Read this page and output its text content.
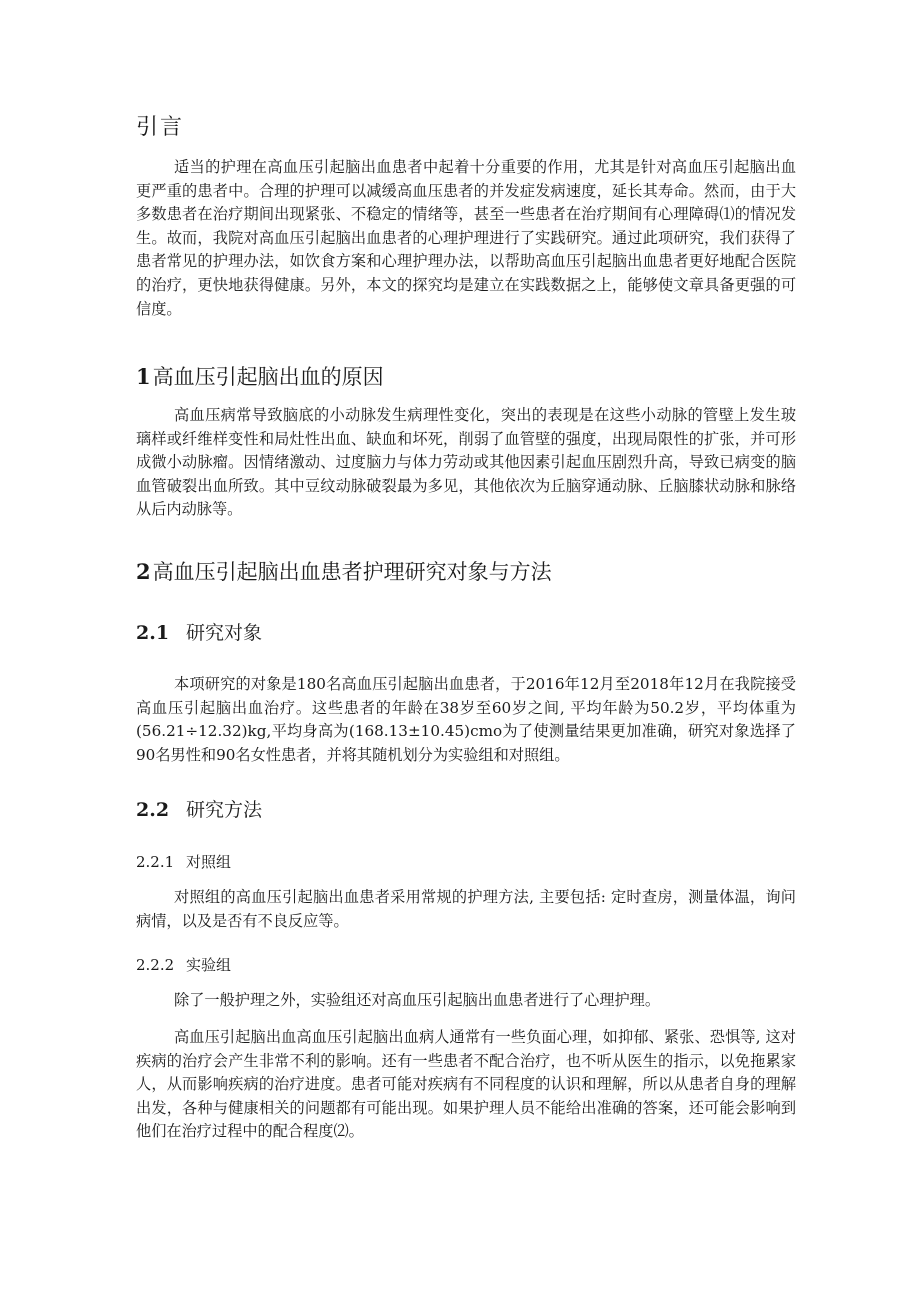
引言

适当的护理在高血压引起脑出血患者中起着十分重要的作用，尤其是针对高血压引起脑出血更严重的患者中。合理的护理可以减缓高血压患者的并发症发病速度，延长其寿命。然而，由于大多数患者在治疗期间出现紧张、不稳定的情绪等，甚至一些患者在治疗期间有心理障碍⑴的情况发生。故而，我院对高血压引起脑出血患者的心理护理进行了实践研究。通过此项研究，我们获得了患者常见的护理办法，如饮食方案和心理护理办法，以帮助高血压引起脑出血患者更好地配合医院的治疗，更快地获得健康。另外，本文的探究均是建立在实践数据之上，能够使文章具备更强的可信度。

1高血压引起脑出血的原因

高血压病常导致脑底的小动脉发生病理性变化，突出的表现是在这些小动脉的管壁上发生玻璃样或纤维样变性和局灶性出血、缺血和坏死，削弱了血管壁的强度，出现局限性的扩张，并可形成微小动脉瘤。因情绪激动、过度脑力与体力劳动或其他因素引起血压剧烈升高，导致已病变的脑血管破裂出血所致。其中豆纹动脉破裂最为多见，其他依次为丘脑穿通动脉、丘脑膝状动脉和脉络从后内动脉等。

2高血压引起脑出血患者护理研究对象与方法
2.1 研究对象

本项研究的对象是180名高血压引起脑出血患者，于2016年12月至2018年12月在我院接受高血压引起脑出血治疗。这些患者的年龄在38岁至60岁之间, 平均年龄为50.2岁，平均体重为(56.21÷12.32)kg,平均身高为(168.13±10.45)cmo为了使测量结果更加准确，研究对象选择了90名男性和90名女性患者，并将其随机划分为实验组和对照组。

2.2 研究方法
2.2.1 对照组

对照组的高血压引起脑出血患者采用常规的护理方法, 主要包括: 定时查房，测量体温，询问病情，以及是否有不良反应等。

2.2.2 实验组

除了一般护理之外，实验组还对高血压引起脑出血患者进行了心理护理。

高血压引起脑出血高血压引起脑出血病人通常有一些负面心理，如抑郁、紧张、恐惧等, 这对疾病的治疗会产生非常不利的影响。还有一些患者不配合治疗，也不听从医生的指示，以免拖累家人，从而影响疾病的治疗进度。患者可能对疾病有不同程度的认识和理解，所以从患者自身的理解出发，各种与健康相关的问题都有可能出现。如果护理人员不能给出准确的答案，还可能会影响到他们在治疗过程中的配合程度⑵。
